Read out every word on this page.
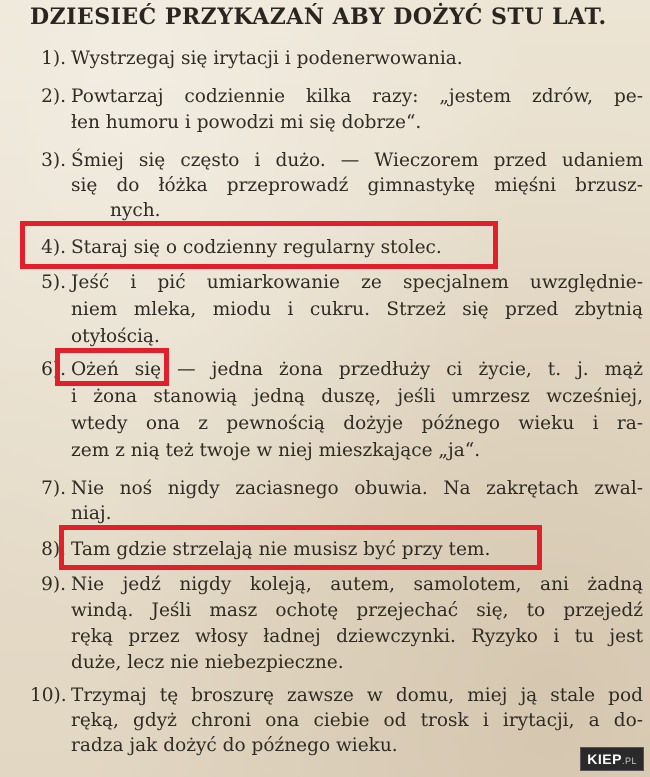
DZIESIEĆ PRZYKAZAŃ ABY DOŻYĆ STU LAT.
1). Wystrzegaj się irytacji i podenerwowania.
2). Powtarzaj codziennie kilka razy: „jestem zdrów, pe-
łen humoru i powodzi mi się dobrze“.
3). Śmiej się często i dużo. — Wieczorem przed udaniem
się do łóżka przeprowadź gimnastykę mięśni brzusz-
nych.
4). Staraj się o codzienny regularny stolec.
5). Jeść i pić umiarkowanie ze specjalnem uwzględnie-
niem mleka, miodu i cukru. Strzeż się przed zbytnią
otyłością.
6). Ożeń się — jedna żona przedłuży ci życie, t. j. mąż
i żona stanowią jedną duszę, jeśli umrzesz wcześniej,
wtedy ona z pewnością dożyje późnego wieku i ra-
zem z nią też twoje w niej mieszkające „ja“.
7). Nie noś nigdy zaciasnego obuwia. Na zakrętach zwal-
niaj.
8). Tam gdzie strzelają nie musisz być przy tem.
9). Nie jedź nigdy koleją, autem, samolotem, ani żadną
windą. Jeśli masz ochotę przejechać się, to przejedź
ręką przez włosy ładnej dziewczynki. Ryzyko i tu jest
duże, lecz nie niebezpieczne.
10). Trzymaj tę broszurę zawsze w domu, miej ją stale pod
ręką, gdyż chroni ona ciebie od trosk i irytacji, a do-
radza jak dożyć do późnego wieku.
KIEP.PL
